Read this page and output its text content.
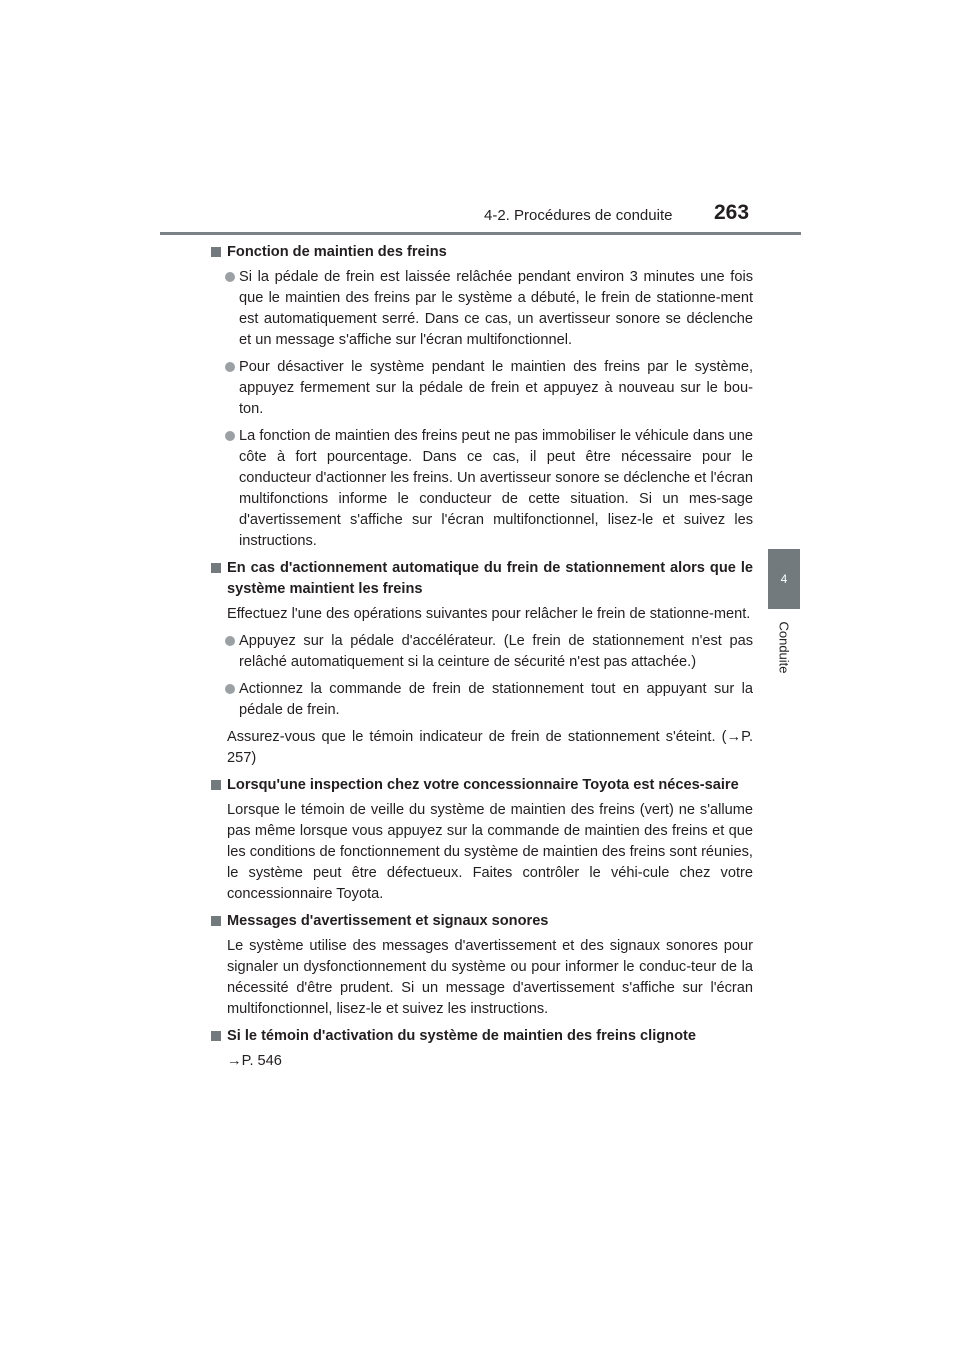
4-2. Procédures de conduite 263
4
Conduite

Fonction de maintien des freins

Si la pédale de frein est laissée relâchée pendant environ 3 minutes une fois que le maintien des freins par le système a débuté, le frein de stationne-ment est automatiquement serré. Dans ce cas, un avertisseur sonore se déclenche et un message s'affiche sur l'écran multifonctionnel.

Pour désactiver le système pendant le maintien des freins par le système, appuyez fermement sur la pédale de frein et appuyez à nouveau sur le bou-ton.

La fonction de maintien des freins peut ne pas immobiliser le véhicule dans une côte à fort pourcentage. Dans ce cas, il peut être nécessaire pour le conducteur d'actionner les freins. Un avertisseur sonore se déclenche et l'écran multifonctions informe le conducteur de cette situation. Si un mes-sage d'avertissement s'affiche sur l'écran multifonctionnel, lisez-le et suivez les instructions.

En cas d'actionnement automatique du frein de stationnement alors que le système maintient les freins

Effectuez l'une des opérations suivantes pour relâcher le frein de stationne-ment.

Appuyez sur la pédale d'accélérateur. (Le frein de stationnement n'est pas relâché automatiquement si la ceinture de sécurité n'est pas attachée.)

Actionnez la commande de frein de stationnement tout en appuyant sur la pédale de frein.

Assurez-vous que le témoin indicateur de frein de stationnement s'éteint. (→P. 257)

Lorsqu'une inspection chez votre concessionnaire Toyota est néces-saire

Lorsque le témoin de veille du système de maintien des freins (vert) ne s'allume pas même lorsque vous appuyez sur la commande de maintien des freins et que les conditions de fonctionnement du système de maintien des freins sont réunies, le système peut être défectueux. Faites contrôler le véhi-cule chez votre concessionnaire Toyota.

Messages d'avertissement et signaux sonores

Le système utilise des messages d'avertissement et des signaux sonores pour signaler un dysfonctionnement du système ou pour informer le conduc-teur de la nécessité d'être prudent. Si un message d'avertissement s'affiche sur l'écran multifonctionnel, lisez-le et suivez les instructions.

Si le témoin d'activation du système de maintien des freins clignote

→P. 546
